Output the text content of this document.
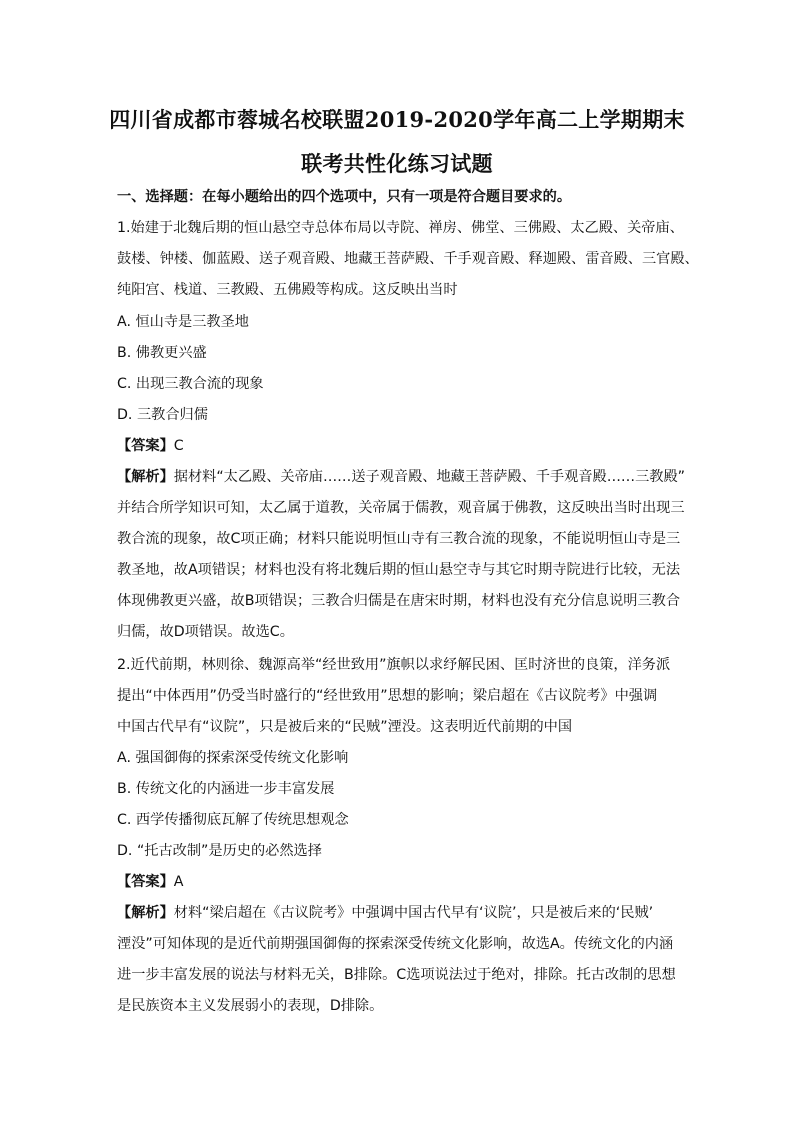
四川省成都市蓉城名校联盟2019-2020学年高二上学期期末
联考共性化练习试题
一、选择题：在每小题给出的四个选项中，只有一项是符合题目要求的。
1.始建于北魏后期的恒山悬空寺总体布局以寺院、禅房、佛堂、三佛殿、太乙殿、关帝庙、
鼓楼、钟楼、伽蓝殿、送子观音殿、地藏王菩萨殿、千手观音殿、释迦殿、雷音殿、三官殿、
纯阳宫、栈道、三教殿、五佛殿等构成。这反映出当时
A. 恒山寺是三教圣地
B. 佛教更兴盛
C. 出现三教合流的现象
D. 三教合归儒
【答案】C
【解析】据材料“太乙殿、关帝庙……送子观音殿、地藏王菩萨殿、千手观音殿……三教殿”
并结合所学知识可知，太乙属于道教，关帝属于儒教，观音属于佛教，这反映出当时出现三
教合流的现象，故C项正确；材料只能说明恒山寺有三教合流的现象，不能说明恒山寺是三
教圣地，故A项错误；材料也没有将北魏后期的恒山悬空寺与其它时期寺院进行比较，无法
体现佛教更兴盛，故B项错误；三教合归儒是在唐宋时期，材料也没有充分信息说明三教合
归儒，故D项错误。故选C。
2.近代前期，林则徐、魏源高举“经世致用”旗帜以求纾解民困、匡时济世的良策，洋务派
提出“中体西用”仍受当时盛行的“经世致用”思想的影响；梁启超在《古议院考》中强调
中国古代早有“议院”，只是被后来的“民贼”湮没。这表明近代前期的中国
A. 强国御侮的探索深受传统文化影响
B. 传统文化的内涵进一步丰富发展
C. 西学传播彻底瓦解了传统思想观念
D. “托古改制”是历史的必然选择
【答案】A
【解析】材料“梁启超在《古议院考》中强调中国古代早有‘议院’，只是被后来的‘民贼’
湮没”可知体现的是近代前期强国御侮的探索深受传统文化影响，故选A。传统文化的内涵
进一步丰富发展的说法与材料无关，B排除。C选项说法过于绝对，排除。托古改制的思想
是民族资本主义发展弱小的表现，D排除。
